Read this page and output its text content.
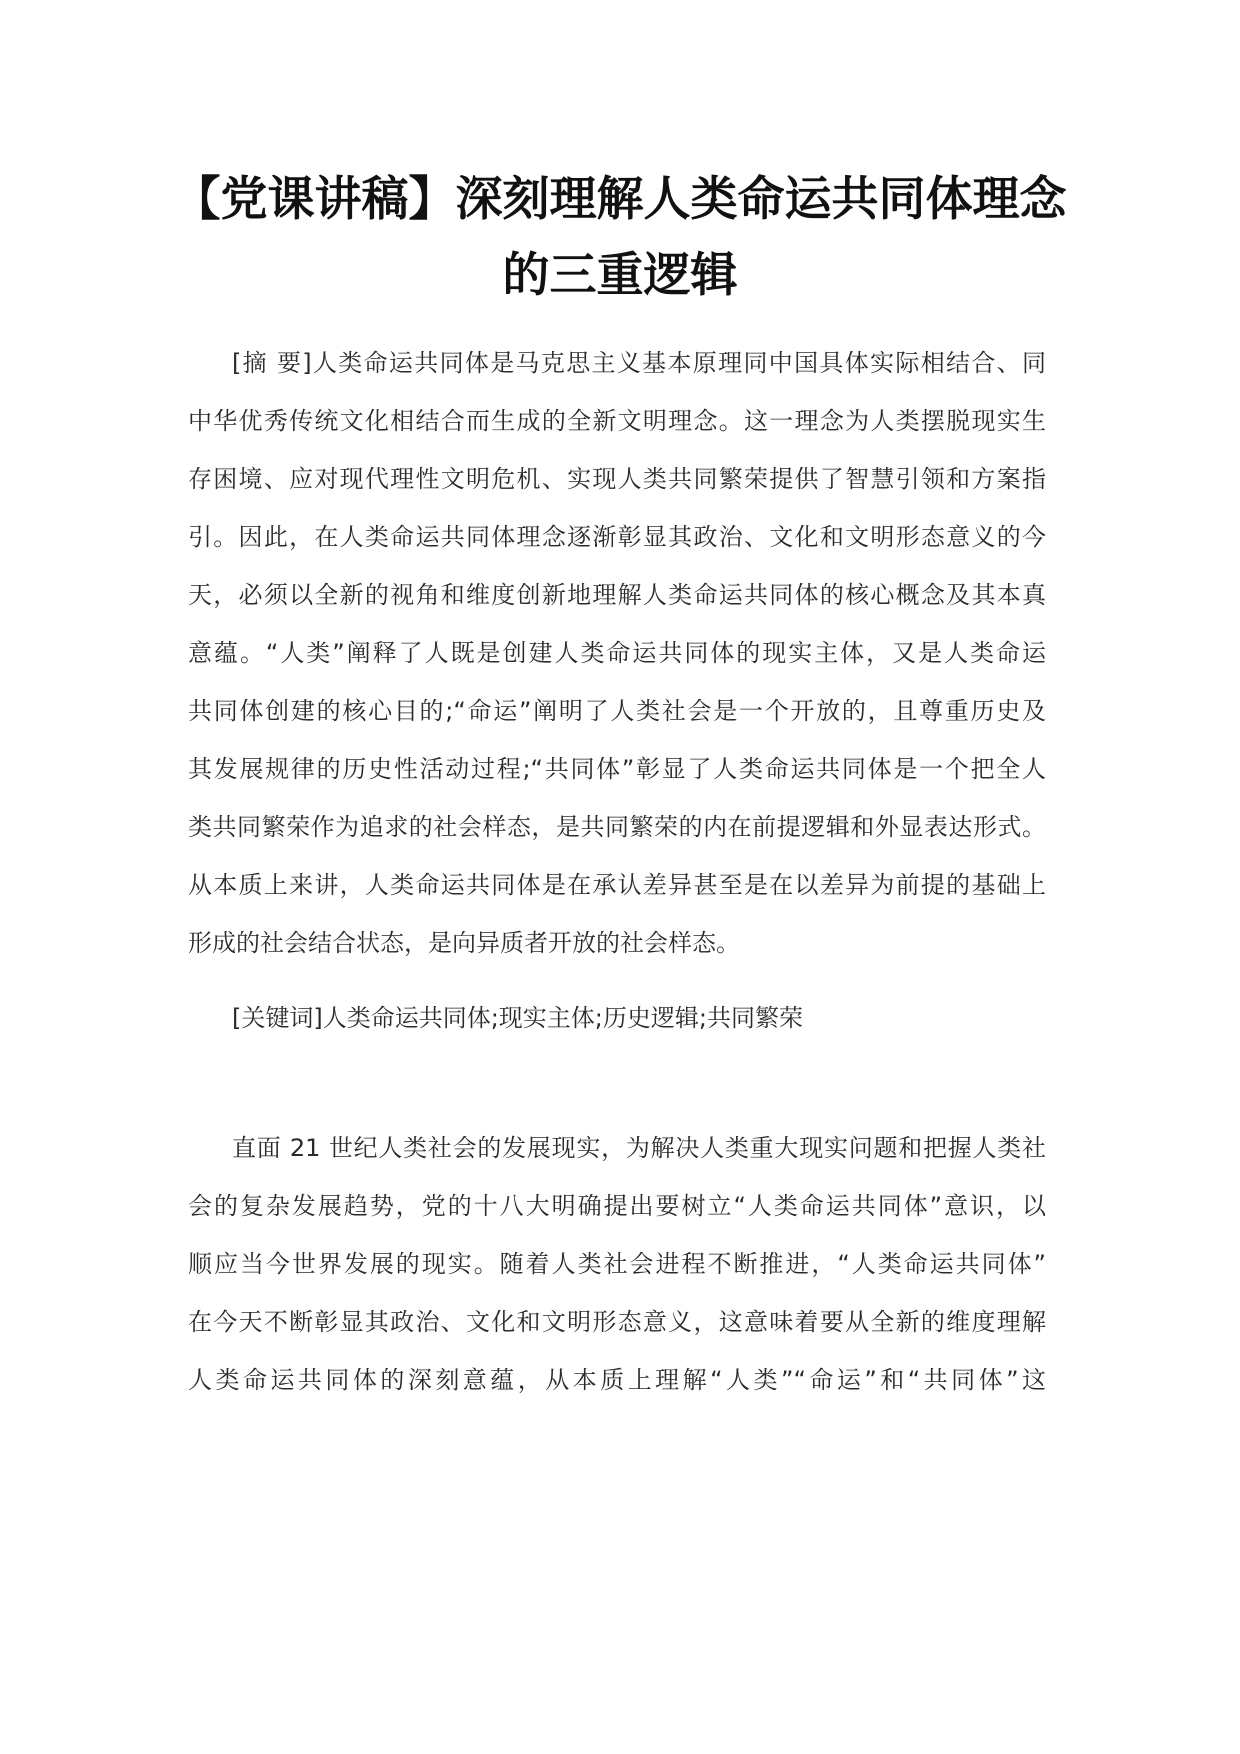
【党课讲稿】深刻理解人类命运共同体理念
的三重逻辑
[摘 要]人类命运共同体是马克思主义基本原理同中国具体实际相结合、同
中华优秀传统文化相结合而生成的全新文明理念。这一理念为人类摆脱现实生
存困境、应对现代理性文明危机、实现人类共同繁荣提供了智慧引领和方案指
引。因此，在人类命运共同体理念逐渐彰显其政治、文化和文明形态意义的今
天，必须以全新的视角和维度创新地理解人类命运共同体的核心概念及其本真
意蕴。“人类”阐释了人既是创建人类命运共同体的现实主体，又是人类命运
共同体创建的核心目的;“命运”阐明了人类社会是一个开放的，且尊重历史及
其发展规律的历史性活动过程;“共同体”彰显了人类命运共同体是一个把全人
类共同繁荣作为追求的社会样态，是共同繁荣的内在前提逻辑和外显表达形式。
从本质上来讲，人类命运共同体是在承认差异甚至是在以差异为前提的基础上
形成的社会结合状态，是向异质者开放的社会样态。
[关键词]人类命运共同体;现实主体;历史逻辑;共同繁荣
直面 21 世纪人类社会的发展现实，为解决人类重大现实问题和把握人类社
会的复杂发展趋势，党的十八大明确提出要树立“人类命运共同体”意识，以
顺应当今世界发展的现实。随着人类社会进程不断推进，“人类命运共同体”
在今天不断彰显其政治、文化和文明形态意义，这意味着要从全新的维度理解
人类命运共同体的深刻意蕴，从本质上理解“人类”“命运”和“共同体”这
